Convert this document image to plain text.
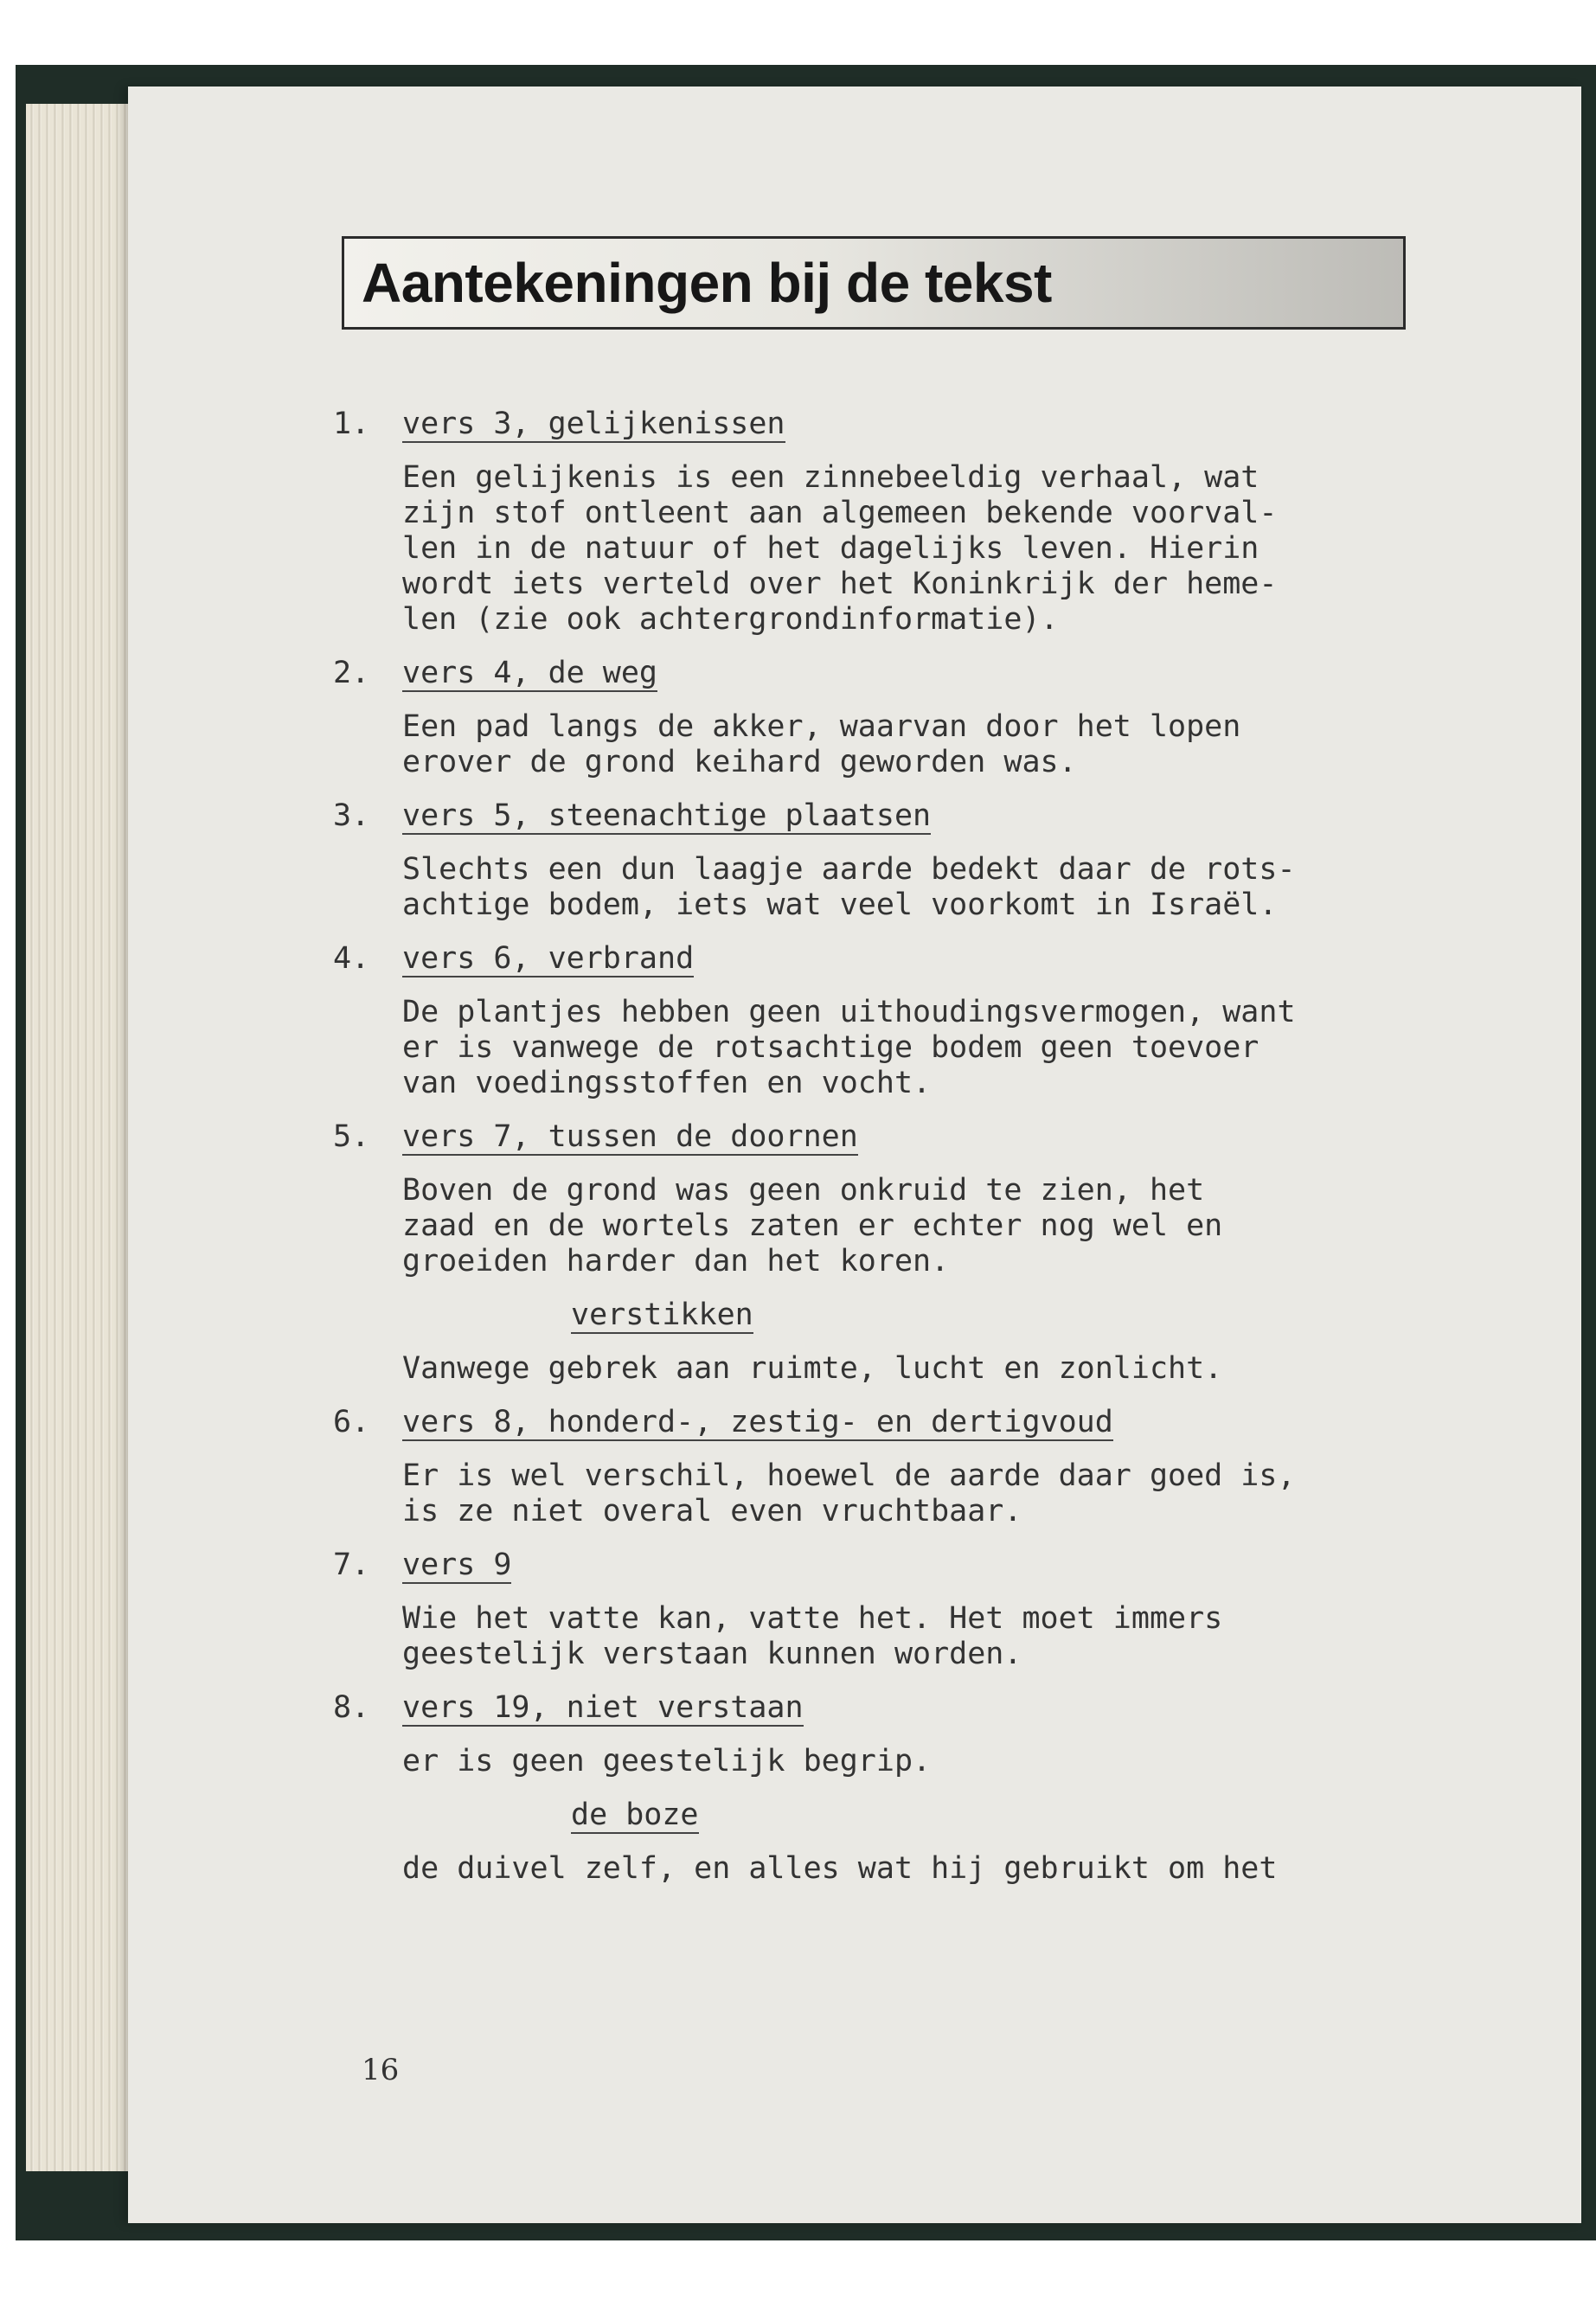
Aantekeningen bij de tekst
1. vers 3, gelijkenissen
Een gelijkenis is een zinnebeeldig verhaal, wat
zijn stof ontleent aan algemeen bekende voorval-
len in de natuur of het dagelijks leven. Hierin
wordt iets verteld over het Koninkrijk der heme-
len (zie ook achtergrondinformatie).
2. vers 4, de weg
Een pad langs de akker, waarvan door het lopen
erover de grond keihard geworden was.
3. vers 5, steenachtige plaatsen
Slechts een dun laagje aarde bedekt daar de rots-
achtige bodem, iets wat veel voorkomt in Israël.
4. vers 6, verbrand
De plantjes hebben geen uithoudingsvermogen, want
er is vanwege de rotsachtige bodem geen toevoer
van voedingsstoffen en vocht.
5. vers 7, tussen de doornen
Boven de grond was geen onkruid te zien, het
zaad en de wortels zaten er echter nog wel en
groeiden harder dan het koren.
verstikken
Vanwege gebrek aan ruimte, lucht en zonlicht.
6. vers 8, honderd-, zestig- en dertigvoud
Er is wel verschil, hoewel de aarde daar goed is,
is ze niet overal even vruchtbaar.
7. vers 9
Wie het vatte kan, vatte het. Het moet immers
geestelijk verstaan kunnen worden.
8. vers 19, niet verstaan
er is geen geestelijk begrip.
de boze
de duivel zelf, en alles wat hij gebruikt om het
16
